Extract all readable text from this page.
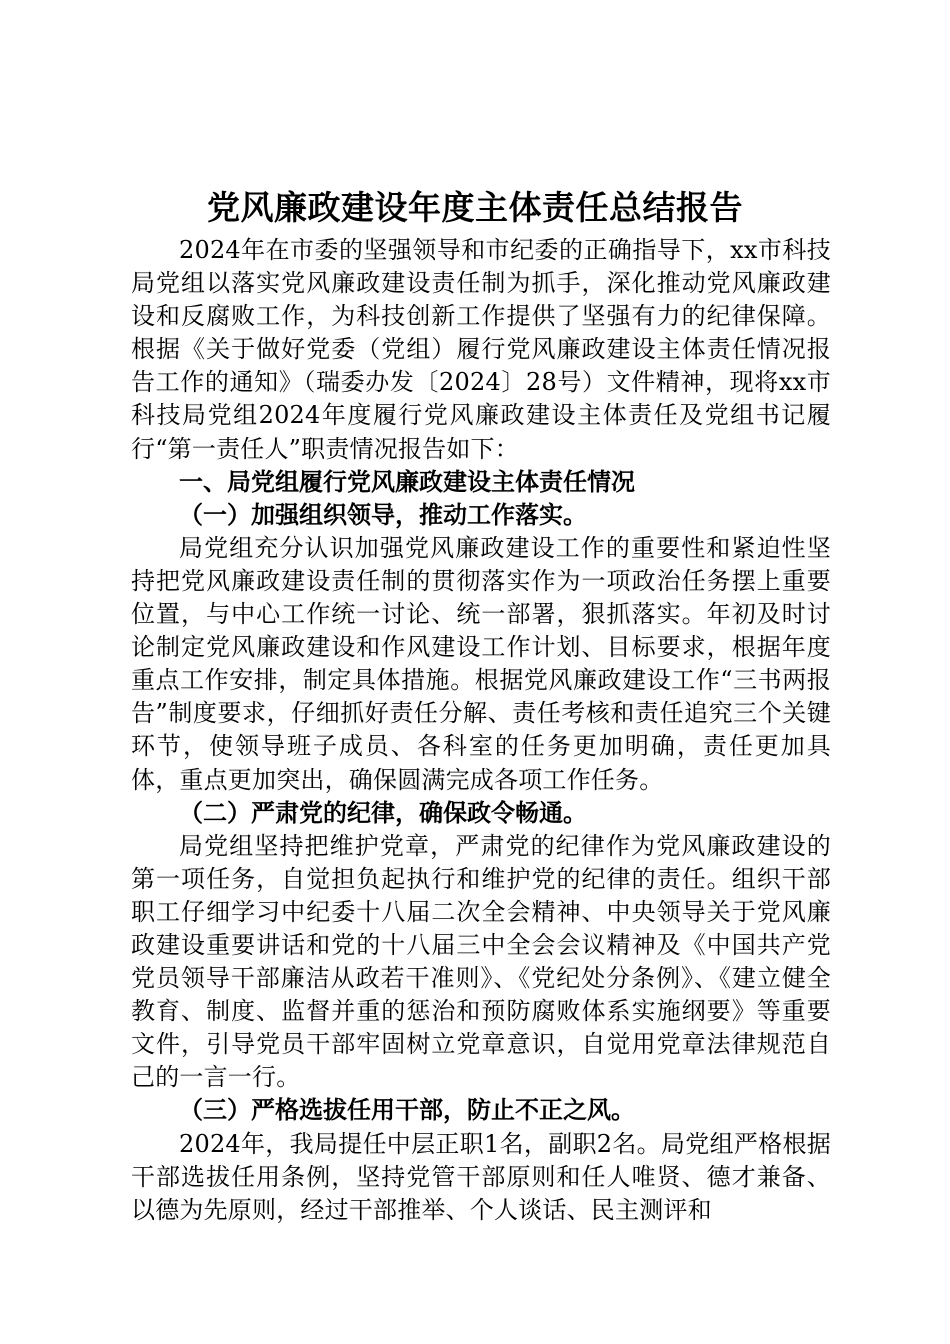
党风廉政建设年度主体责任总结报告

2024年在市委的坚强领导和市纪委的正确指导下，xx市科技局党组以落实党风廉政建设责任制为抓手，深化推动党风廉政建设和反腐败工作，为科技创新工作提供了坚强有力的纪律保障。根据《关于做好党委（党组）履行党风廉政建设主体责任情况报告工作的通知》（瑞委办发〔2024〕28号）文件精神，现将xx市科技局党组2024年度履行党风廉政建设主体责任及党组书记履行“第一责任人”职责情况报告如下：

一、局党组履行党风廉政建设主体责任情况

（一）加强组织领导，推动工作落实。

局党组充分认识加强党风廉政建设工作的重要性和紧迫性坚持把党风廉政建设责任制的贯彻落实作为一项政治任务摆上重要位置，与中心工作统一讨论、统一部署，狠抓落实。年初及时讨论制定党风廉政建设和作风建设工作计划、目标要求，根据年度重点工作安排，制定具体措施。根据党风廉政建设工作“三书两报告”制度要求，仔细抓好责任分解、责任考核和责任追究三个关键环节，使领导班子成员、各科室的任务更加明确，责任更加具体，重点更加突出，确保圆满完成各项工作任务。

（二）严肃党的纪律，确保政令畅通。

局党组坚持把维护党章，严肃党的纪律作为党风廉政建设的第一项任务，自觉担负起执行和维护党的纪律的责任。组织干部职工仔细学习中纪委十八届二次全会精神、中央领导关于党风廉政建设重要讲话和党的十八届三中全会会议精神及《中国共产党党员领导干部廉洁从政若干准则》、《党纪处分条例》、《建立健全教育、制度、监督并重的惩治和预防腐败体系实施纲要》等重要文件，引导党员干部牢固树立党章意识，自觉用党章法律规范自己的一言一行。

（三）严格选拔任用干部，防止不正之风。

2024年，我局提任中层正职1名，副职2名。局党组严格根据干部选拔任用条例，坚持党管干部原则和任人唯贤、德才兼备、以德为先原则，经过干部推举、个人谈话、民主测评和
